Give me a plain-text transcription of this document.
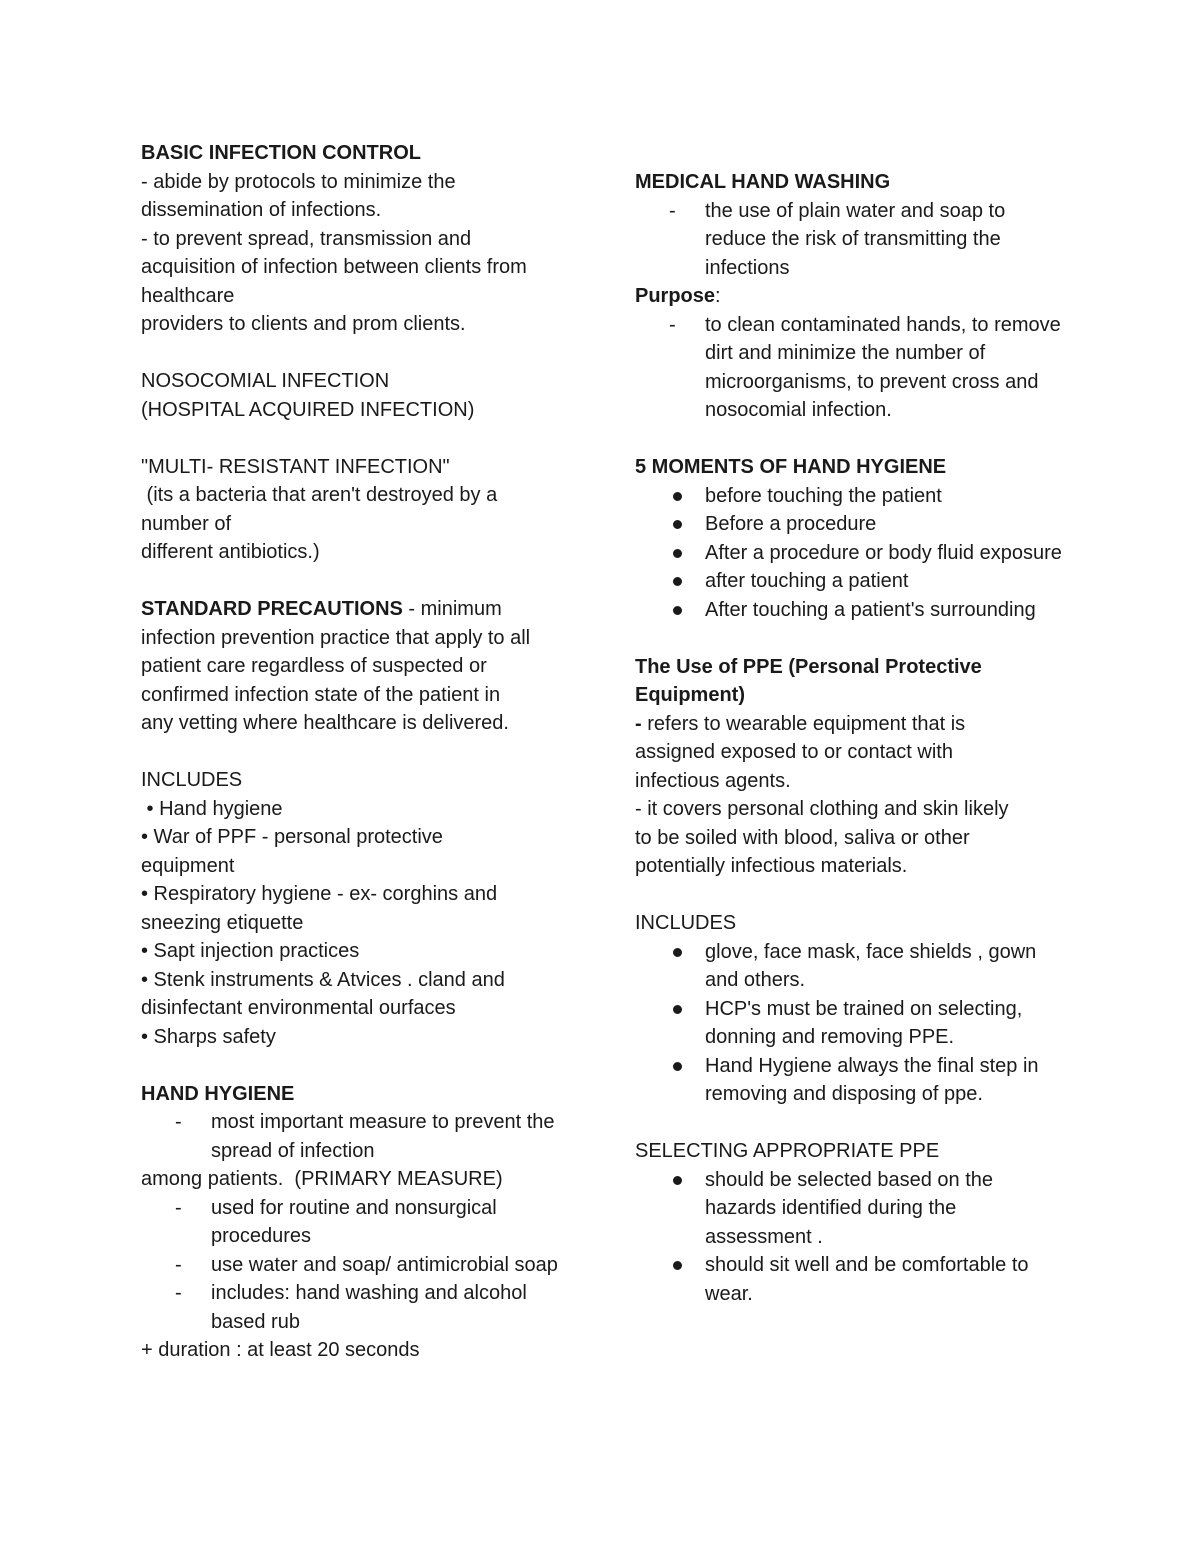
BASIC INFECTION CONTROL

- abide by protocols to minimize the

dissemination of infections.

- to prevent spread, transmission and

acquisition of infection between clients from

healthcare

providers to clients and prom clients.

NOSOCOMIAL INFECTION

(HOSPITAL ACQUIRED INFECTION)

"MULTI- RESISTANT INFECTION"

(its a bacteria that aren't destroyed by a

number of

different antibiotics.)

STANDARD PRECAUTIONS - minimum

infection prevention practice that apply to all

patient care regardless of suspected or

confirmed infection state of the patient in

any vetting where healthcare is delivered.

INCLUDES

• Hand hygiene

• War of PPF - personal protective

equipment

• Respiratory hygiene - ex- corghins and

sneezing etiquette

• Sapt injection practices

• Stenk instruments & Atvices . cland and

disinfectant environmental ourfaces

• Sharps safety

HAND HYGIENE

- most important measure to prevent the spread of infection

among patients.  (PRIMARY MEASURE)

- used for routine and nonsurgical procedures

- use water and soap/ antimicrobial soap

- includes: hand washing and alcohol based rub

+ duration : at least 20 seconds

MEDICAL HAND WASHING

- the use of plain water and soap to reduce the risk of transmitting the infections

Purpose:

- to clean contaminated hands, to remove dirt and minimize the number of microorganisms, to prevent cross and nosocomial infection.

5 MOMENTS OF HAND HYGIENE

before touching the patient

Before a procedure

After a procedure or body fluid exposure

after touching a patient

After touching a patient's surrounding

The Use of PPE (Personal Protective Equipment)

- refers to wearable equipment that is

assigned exposed to or contact with

infectious agents.

- it covers personal clothing and skin likely

to be soiled with blood, saliva or other

potentially infectious materials.

INCLUDES

glove, face mask, face shields , gown and others.

HCP's must be trained on selecting, donning and removing PPE.

Hand Hygiene always the final step in removing and disposing of ppe.

SELECTING APPROPRIATE PPE

should be selected based on the hazards identified during the assessment .

should sit well and be comfortable to wear.
